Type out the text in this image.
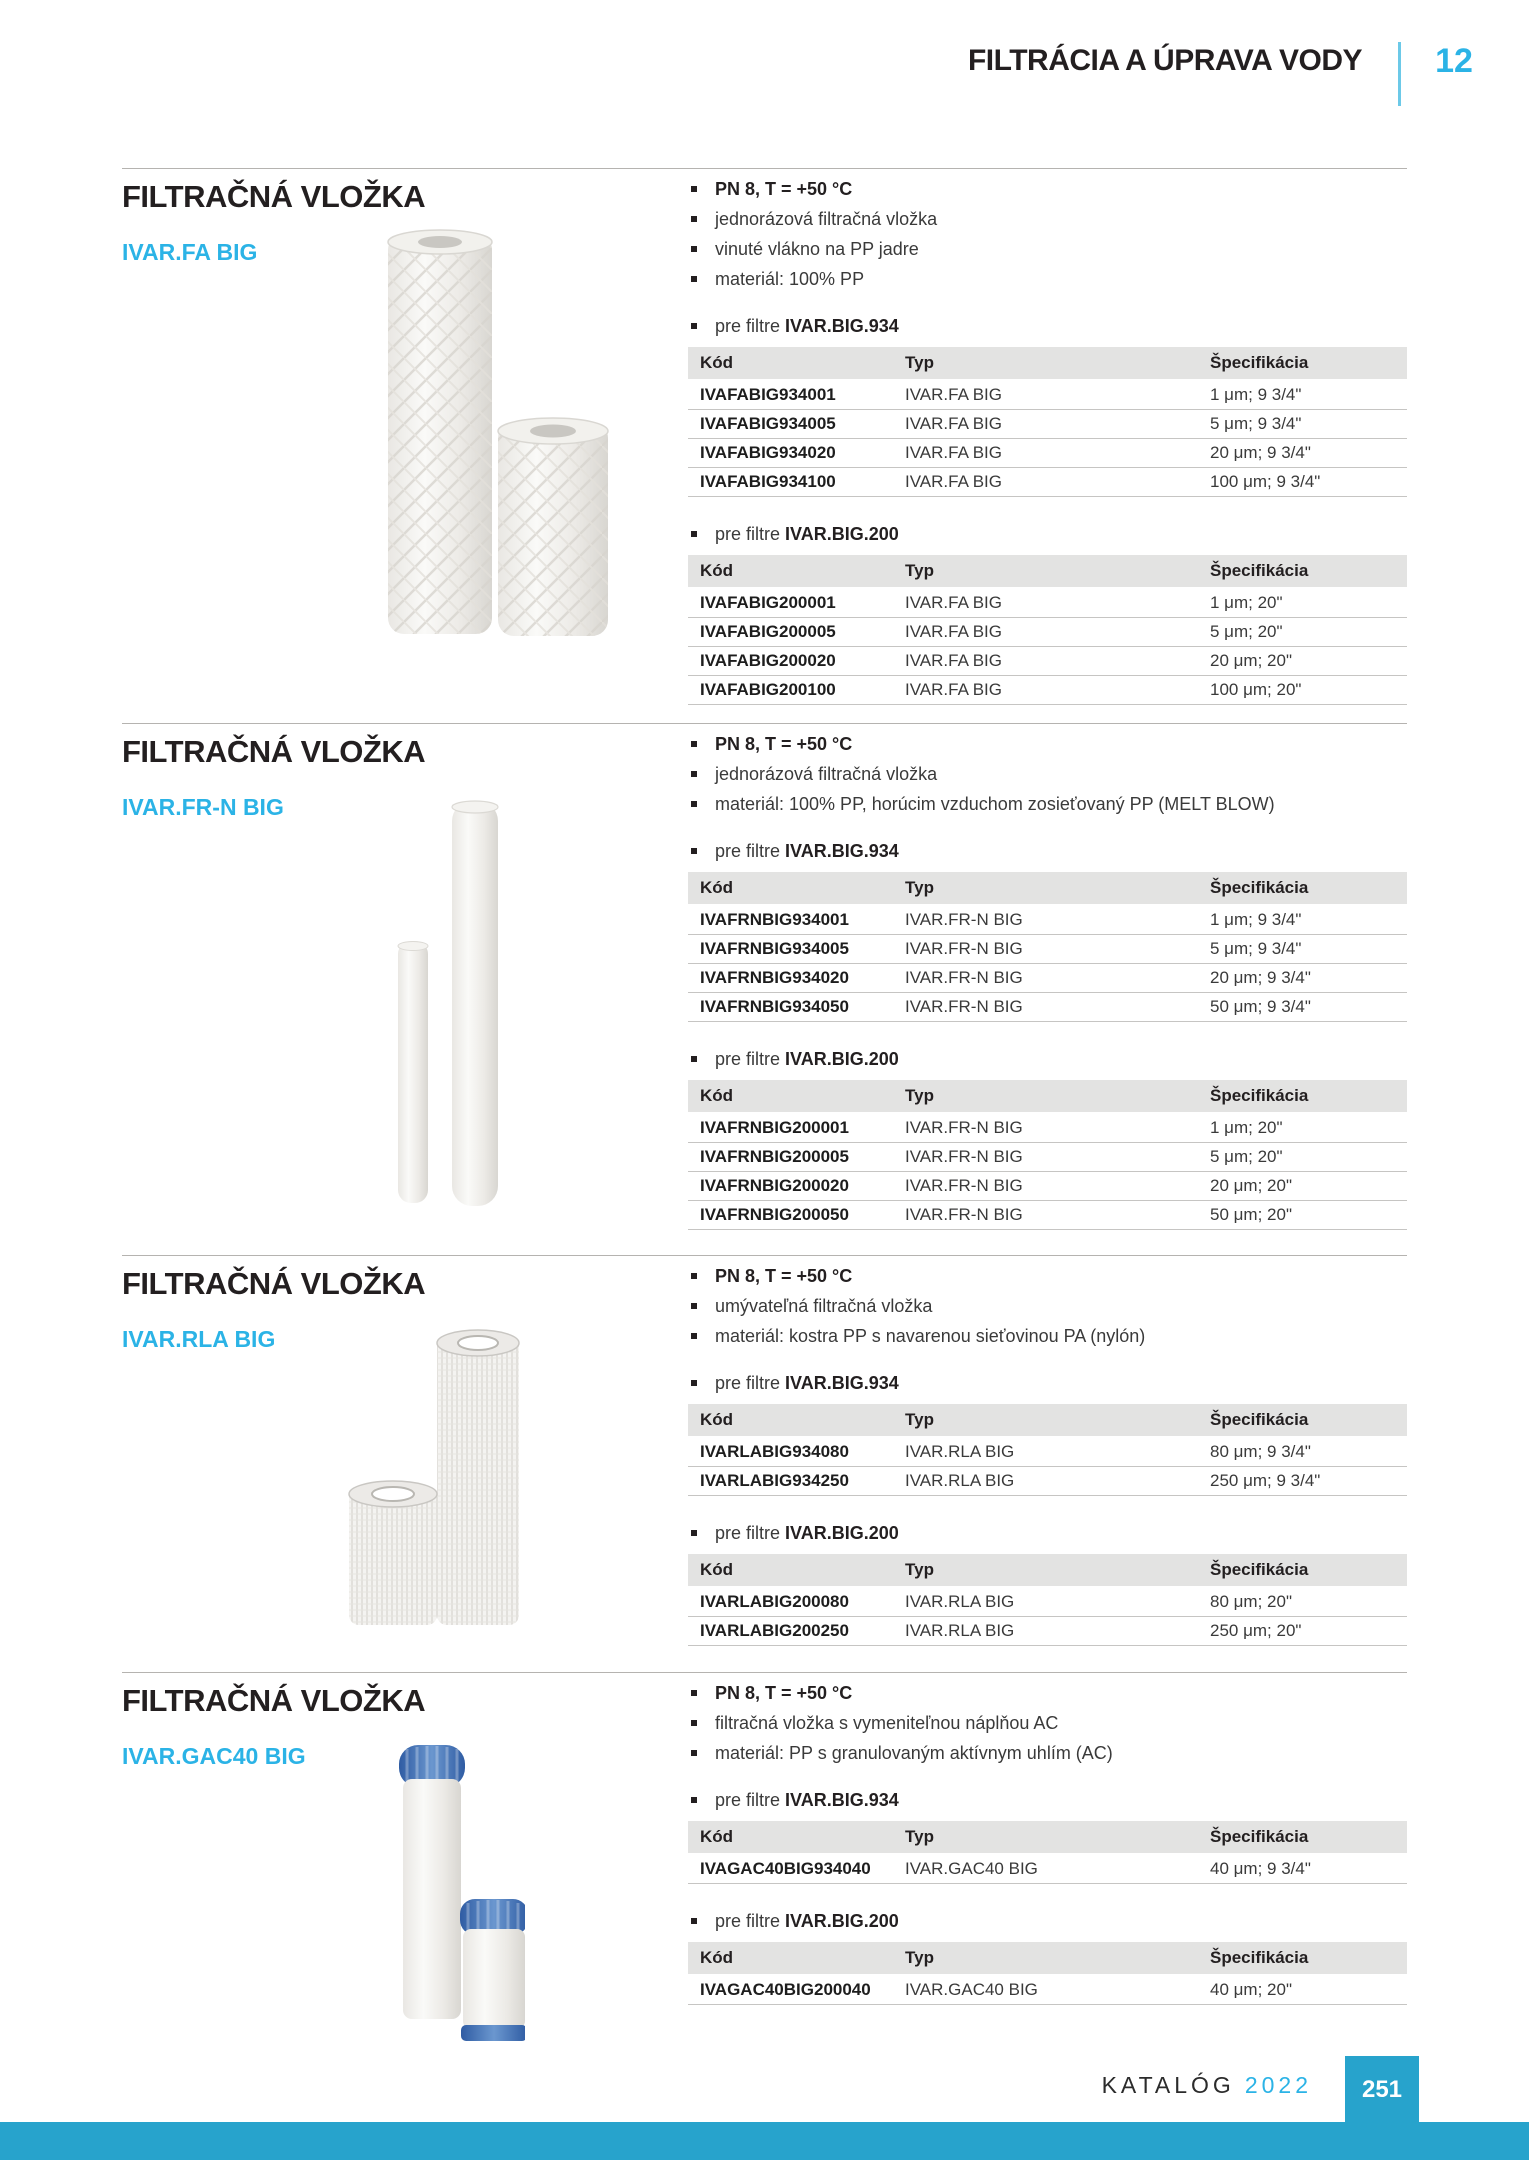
FILTRÁCIA A ÚPRAVA VODY	12
FILTRAČNÁ VLOŽKA
IVAR.FA BIG
PN 8, T = +50 °C
jednorázová filtračná vložka
vinuté vlákno na PP jadre
materiál: 100% PP
pre filtre IVAR.BIG.934
Kód	Typ	Špecifikácia
IVAFABIG934001	IVAR.FA BIG	1 μm; 9 3/4"
IVAFABIG934005	IVAR.FA BIG	5 μm; 9 3/4"
IVAFABIG934020	IVAR.FA BIG	20 μm; 9 3/4"
IVAFABIG934100	IVAR.FA BIG	100 μm; 9 3/4"
pre filtre IVAR.BIG.200
Kód	Typ	Špecifikácia
IVAFABIG200001	IVAR.FA BIG	1 μm; 20"
IVAFABIG200005	IVAR.FA BIG	5 μm; 20"
IVAFABIG200020	IVAR.FA BIG	20 μm; 20"
IVAFABIG200100	IVAR.FA BIG	100 μm; 20"
FILTRAČNÁ VLOŽKA
IVAR.FR-N BIG
PN 8, T = +50 °C
jednorázová filtračná vložka
materiál: 100% PP, horúcim vzduchom zosieťovaný PP (MELT BLOW)
pre filtre IVAR.BIG.934
Kód	Typ	Špecifikácia
IVAFRNBIG934001	IVAR.FR-N BIG	1 μm; 9 3/4"
IVAFRNBIG934005	IVAR.FR-N BIG	5 μm; 9 3/4"
IVAFRNBIG934020	IVAR.FR-N BIG	20 μm; 9 3/4"
IVAFRNBIG934050	IVAR.FR-N BIG	50 μm; 9 3/4"
pre filtre IVAR.BIG.200
Kód	Typ	Špecifikácia
IVAFRNBIG200001	IVAR.FR-N BIG	1 μm; 20"
IVAFRNBIG200005	IVAR.FR-N BIG	5 μm; 20"
IVAFRNBIG200020	IVAR.FR-N BIG	20 μm; 20"
IVAFRNBIG200050	IVAR.FR-N BIG	50 μm; 20"
FILTRAČNÁ VLOŽKA
IVAR.RLA BIG
PN 8, T = +50 °C
umývateľná filtračná vložka
materiál: kostra PP s navarenou sieťovinou PA (nylón)
pre filtre IVAR.BIG.934
Kód	Typ	Špecifikácia
IVARLABIG934080	IVAR.RLA BIG	80 μm; 9 3/4"
IVARLABIG934250	IVAR.RLA BIG	250 μm; 9 3/4"
pre filtre IVAR.BIG.200
Kód	Typ	Špecifikácia
IVARLABIG200080	IVAR.RLA BIG	80 μm; 20"
IVARLABIG200250	IVAR.RLA BIG	250 μm; 20"
FILTRAČNÁ VLOŽKA
IVAR.GAC40 BIG
PN 8, T = +50 °C
filtračná vložka s vymeniteľnou náplňou AC
materiál: PP s granulovaným aktívnym uhlím (AC)
pre filtre IVAR.BIG.934
Kód	Typ	Špecifikácia
IVAGAC40BIG934040	IVAR.GAC40 BIG	40 μm; 9 3/4"
pre filtre IVAR.BIG.200
Kód	Typ	Špecifikácia
IVAGAC40BIG200040	IVAR.GAC40 BIG	40 μm; 20"
KATALÓG 2022 251
